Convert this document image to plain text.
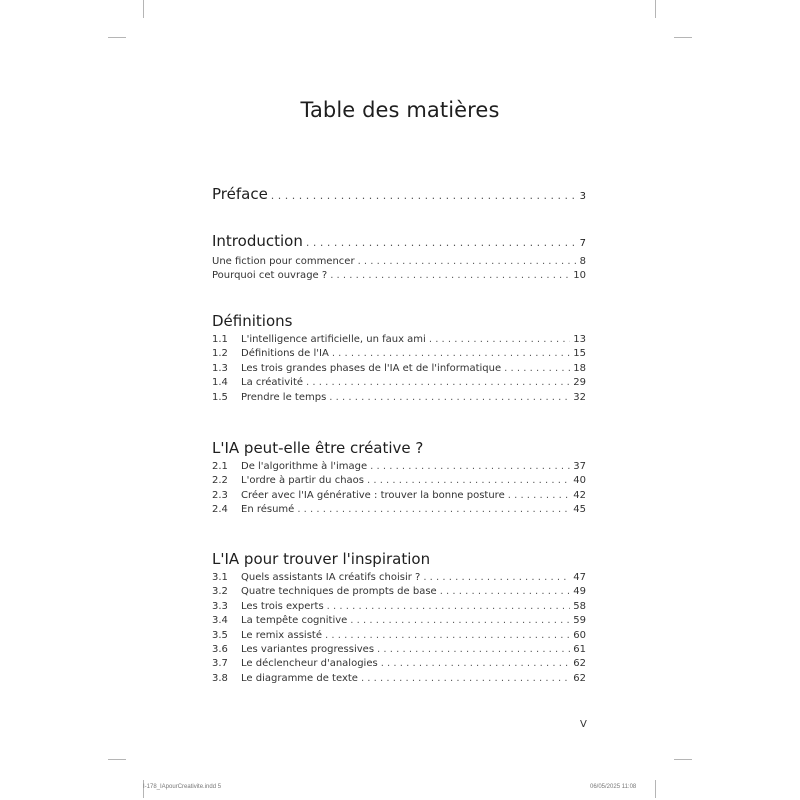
Table des matières
Préface . . .	3
Introduction . . .	7
Une fiction pour commencer . . .	8
Pourquoi cet ouvrage ? . . .	10
Définitions
1.1	L'intelligence artificielle, un faux ami . . .	13
1.2	Définitions de l'IA . . .	15
1.3	Les trois grandes phases de l'IA et de l'informatique . . .	18
1.4	La créativité . . .	29
1.5	Prendre le temps . . .	32
L'IA peut-elle être créative ?
2.1	De l'algorithme à l'image . . .	37
2.2	L'ordre à partir du chaos . . .	40
2.3	Créer avec l'IA générative : trouver la bonne posture . . .	42
2.4	En résumé . . .	45
L'IA pour trouver l'inspiration
3.1	Quels assistants IA créatifs choisir ? . . .	47
3.2	Quatre techniques de prompts de base . . .	49
3.3	Les trois experts . . .	58
3.4	La tempête cognitive . . .	59
3.5	Le remix assisté . . .	60
3.6	Les variantes progressives . . .	61
3.7	Le déclencheur d'analogies . . .	62
3.8	Le diagramme de texte . . .	62
V
I-178_IApourCreativite.indd 5	06/05/2025 11:08
